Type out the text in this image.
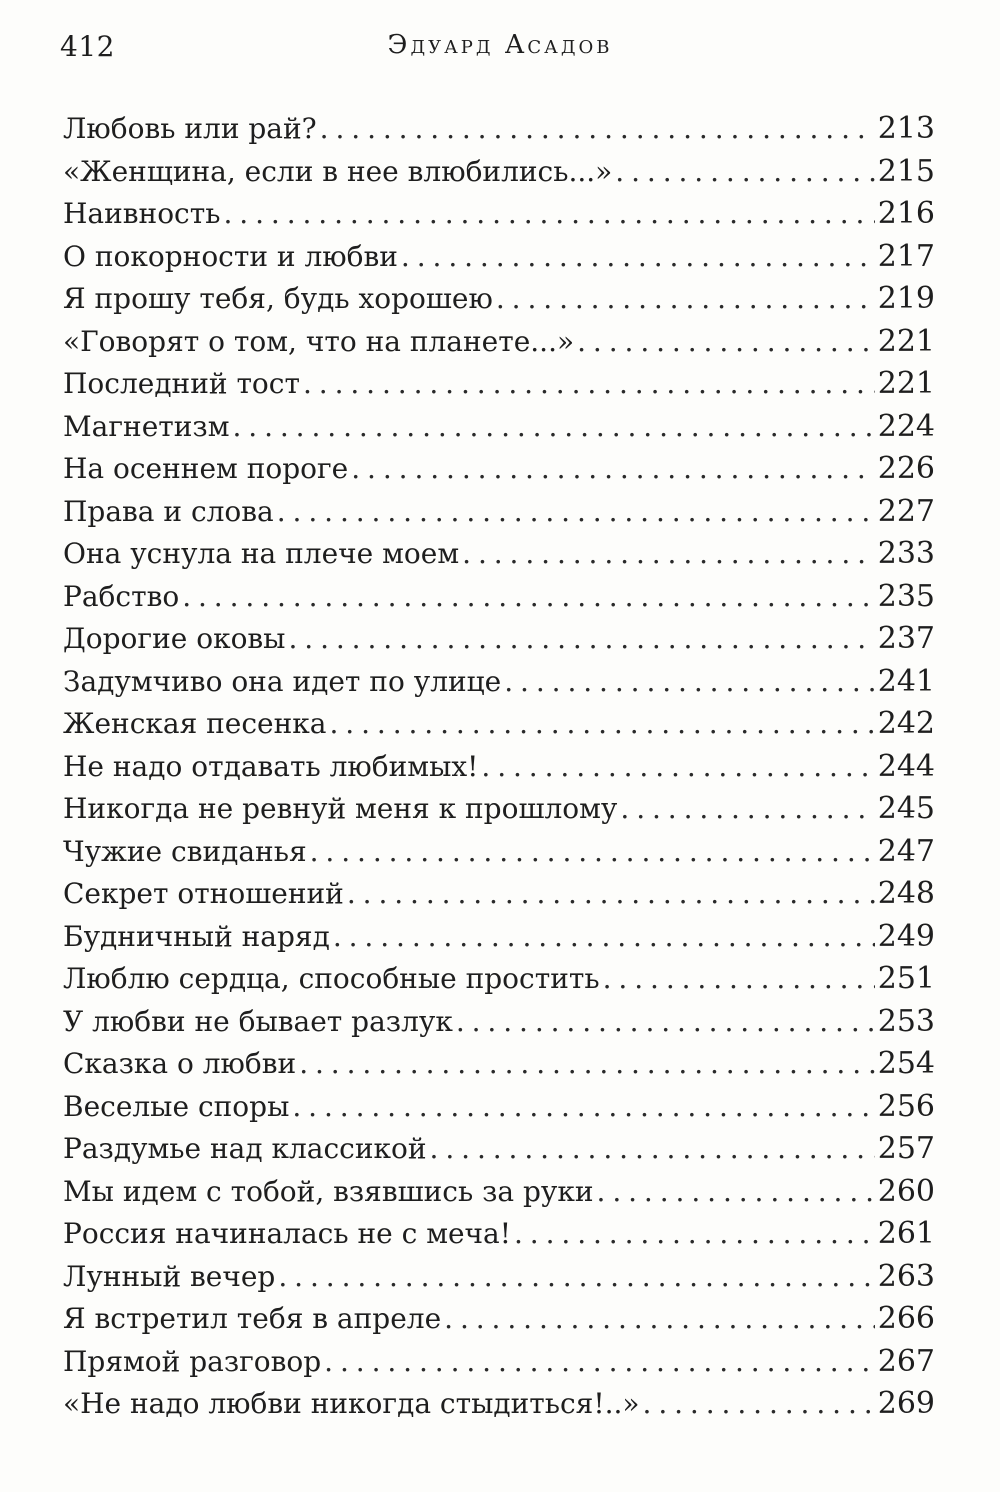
412	Эдуард Асадов
Любовь или рай? . . .	213
«Женщина, если в нее влюбились...» . . .	215
Наивность . . .	216
О покорности и любви . . .	217
Я прошу тебя, будь хорошею . . .	219
«Говорят о том, что на планете...» . . .	221
Последний тост . . .	221
Магнетизм . . .	224
На осеннем пороге . . .	226
Права и слова . . .	227
Она уснула на плече моем . . .	233
Рабство . . .	235
Дорогие оковы . . .	237
Задумчиво она идет по улице . . .	241
Женская песенка . . .	242
Не надо отдавать любимых! . . .	244
Никогда не ревнуй меня к прошлому . . .	245
Чужие свиданья . . .	247
Секрет отношений . . .	248
Будничный наряд . . .	249
Люблю сердца, способные простить . . .	251
У любви не бывает разлук . . .	253
Сказка о любви . . .	254
Веселые споры . . .	256
Раздумье над классикой . . .	257
Мы идем с тобой, взявшись за руки . . .	260
Россия начиналась не с меча! . . .	261
Лунный вечер . . .	263
Я встретил тебя в апреле . . .	266
Прямой разговор . . .	267
«Не надо любви никогда стыдиться!..» . . .	269
